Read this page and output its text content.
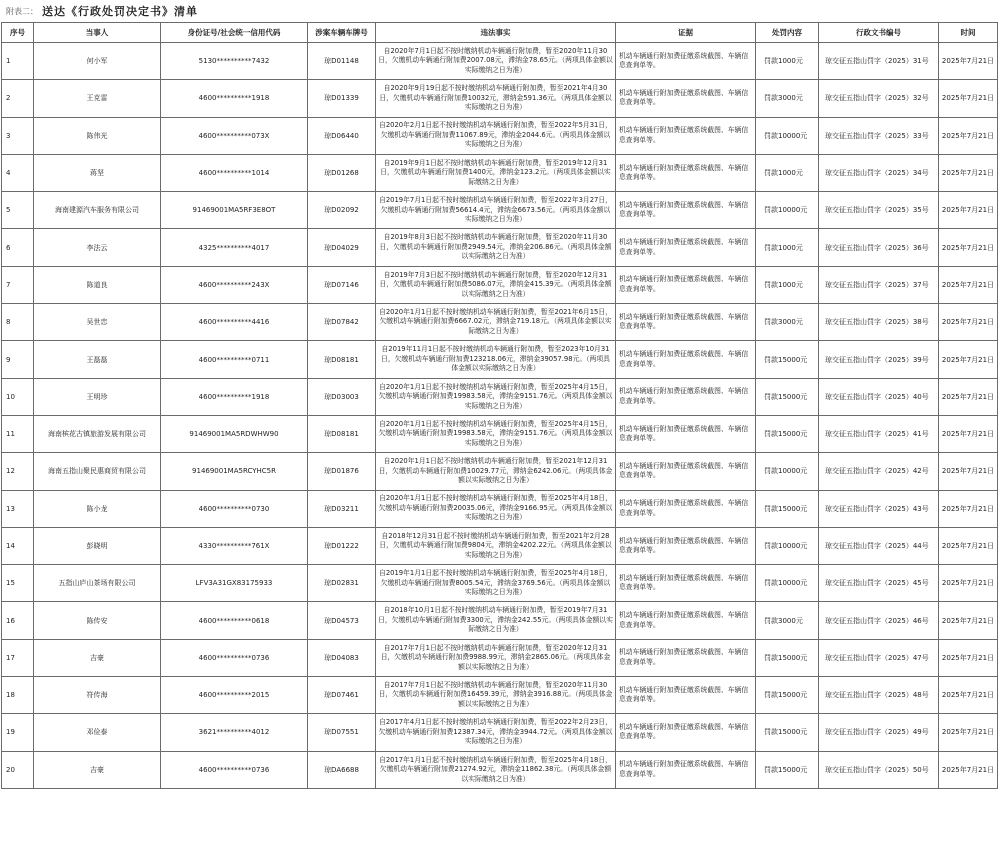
附表二： 送达《行政处罚决定书》清单
序号	当事人	身份证号/社会统一信用代码	涉案车辆车牌号	违法事实	证据	处罚内容	行政文书编号	时间
1	何小军	5130**********7432	琼D01148	自2020年7月1日起不按时缴纳机动车辆通行附加费，暂至2020年11月30日，欠缴机动车辆通行附加费2007.08元，滞纳金78.65元。（两项具体金额以实际缴纳之日为准）	机动车辆通行附加费征缴系统截图、车辆信息查询单等。	罚款1000元	琼交征五指山罚字（2025）31号	2025年7月21日
2	王克雷	4600**********1918	琼D01339	自2020年9月19日起不按时缴纳机动车辆通行附加费，暂至2021年4月30日，欠缴机动车辆通行附加费10032元，滞纳金591.36元。（两项具体金额以实际缴纳之日为准）	机动车辆通行附加费征缴系统截图、车辆信息查询单等。	罚款3000元	琼交征五指山罚字（2025）32号	2025年7月21日
3	陈伟光	4600**********073X	琼D06440	自2020年2月1日起不按时缴纳机动车辆通行附加费，暂至2022年5月31日，欠缴机动车辆通行附加费11067.89元，滞纳金2044.6元。（两项具体金额以实际缴纳之日为准）	机动车辆通行附加费征缴系统截图、车辆信息查询单等。	罚款10000元	琼交征五指山罚字（2025）33号	2025年7月21日
4	蒋坚	4600**********1014	琼D01268	自2019年9月1日起不按时缴纳机动车辆通行附加费，暂至2019年12月31日，欠缴机动车辆通行附加费1400元，滞纳金123.2元。（两项具体金额以实际缴纳之日为准）	机动车辆通行附加费征缴系统截图、车辆信息查询单等。	罚款1000元	琼交征五指山罚字（2025）34号	2025年7月21日
5	海南建源汽车服务有限公司	91469001MA5RF3E8OT	琼D02092	自2019年7月1日起不按时缴纳机动车辆通行附加费，暂至2022年3月27日，欠缴机动车辆通行附加费56614.4元，滞纳金6673.56元。（两项具体金额以实际缴纳之日为准）	机动车辆通行附加费征缴系统截图、车辆信息查询单等。	罚款10000元	琼交征五指山罚字（2025）35号	2025年7月21日
6	李法云	4325**********4017	琼D04029	自2019年8月3日起不按时缴纳机动车辆通行附加费，暂至2020年11月30日，欠缴机动车辆通行附加费2949.54元，滞纳金206.86元。（两项具体金额以实际缴纳之日为准）	机动车辆通行附加费征缴系统截图、车辆信息查询单等。	罚款1000元	琼交征五指山罚字（2025）36号	2025年7月21日
7	陈道良	4600**********243X	琼D07146	自2019年7月3日起不按时缴纳机动车辆通行附加费，暂至2020年12月31日，欠缴机动车辆通行附加费5086.07元，滞纳金415.39元。（两项具体金额以实际缴纳之日为准）	机动车辆通行附加费征缴系统截图、车辆信息查询单等。	罚款1000元	琼交征五指山罚字（2025）37号	2025年7月21日
8	吴世忠	4600**********4416	琼D07842	自2020年1月1日起不按时缴纳机动车辆通行附加费，暂至2021年6月15日，欠缴机动车辆通行附加费6667.02元，滞纳金719.18元。（两项具体金额以实际缴纳之日为准）	机动车辆通行附加费征缴系统截图、车辆信息查询单等。	罚款3000元	琼交征五指山罚字（2025）38号	2025年7月21日
9	王磊磊	4600**********0711	琼D08181	自2019年11月1日起不按时缴纳机动车辆通行附加费，暂至2023年10月31日，欠缴机动车辆通行附加费123218.06元，滞纳金39057.98元。（两项具体金额以实际缴纳之日为准）	机动车辆通行附加费征缴系统截图、车辆信息查询单等。	罚款15000元	琼交征五指山罚字（2025）39号	2025年7月21日
10	王明珍	4600**********1918	琼D03003	自2020年1月1日起不按时缴纳机动车辆通行附加费，暂至2025年4月15日，欠缴机动车辆通行附加费19983.58元，滞纳金9151.76元。（两项具体金额以实际缴纳之日为准）	机动车辆通行附加费征缴系统截图、车辆信息查询单等。	罚款15000元	琼交征五指山罚字（2025）40号	2025年7月21日
11	海南槟花古镇旅游发展有限公司	91469001MA5RDWHW90	琼D08181	自2020年1月1日起不按时缴纳机动车辆通行附加费，暂至2025年4月15日，欠缴机动车辆通行附加费19983.58元，滞纳金9151.76元。（两项具体金额以实际缴纳之日为准）	机动车辆通行附加费征缴系统截图、车辆信息查询单等。	罚款15000元	琼交征五指山罚字（2025）41号	2025年7月21日
12	海南五指山聚民惠商贸有限公司	91469001MA5RCYHC5R	琼D01876	自2020年1月1日起不按时缴纳机动车辆通行附加费，暂至2021年12月31日，欠缴机动车辆通行附加费10029.77元，滞纳金6242.06元。（两项具体金额以实际缴纳之日为准）	机动车辆通行附加费征缴系统截图、车辆信息查询单等。	罚款10000元	琼交征五指山罚字（2025）42号	2025年7月21日
13	陈小龙	4600**********0730	琼D03211	自2020年1月1日起不按时缴纳机动车辆通行附加费，暂至2025年4月18日，欠缴机动车辆通行附加费20035.06元，滞纳金9166.95元。（两项具体金额以实际缴纳之日为准）	机动车辆通行附加费征缴系统截图、车辆信息查询单等。	罚款15000元	琼交征五指山罚字（2025）43号	2025年7月21日
14	彭晓明	4330**********761X	琼D01222	自2018年12月31日起不按时缴纳机动车辆通行附加费，暂至2021年2月28日，欠缴机动车辆通行附加费9804元，滞纳金4202.22元。（两项具体金额以实际缴纳之日为准）	机动车辆通行附加费征缴系统截图、车辆信息查询单等。	罚款10000元	琼交征五指山罚字（2025）44号	2025年7月21日
15	五指山庐山茶场有限公司	LFV3A31GX83175933	琼D02831	自2019年1月1日起不按时缴纳机动车辆通行附加费，暂至2025年4月18日，欠缴机动车辆通行附加费8005.54元，滞纳金3769.56元。（两项具体金额以实际缴纳之日为准）	机动车辆通行附加费征缴系统截图、车辆信息查询单等。	罚款10000元	琼交征五指山罚字（2025）45号	2025年7月21日
16	陈传安	4600**********0618	琼D04573	自2018年10月1日起不按时缴纳机动车辆通行附加费，暂至2019年7月31日，欠缴机动车辆通行附加费3300元，滞纳金242.55元。（两项具体金额以实际缴纳之日为准）	机动车辆通行附加费征缴系统截图、车辆信息查询单等。	罚款3000元	琼交征五指山罚字（2025）46号	2025年7月21日
17	吉豪	4600**********0736	琼D04083	自2017年7月1日起不按时缴纳机动车辆通行附加费，暂至2020年12月31日，欠缴机动车辆通行附加费9988.99元，滞纳金2865.06元。（两项具体金额以实际缴纳之日为准）	机动车辆通行附加费征缴系统截图、车辆信息查询单等。	罚款15000元	琼交征五指山罚字（2025）47号	2025年7月21日
18	符传海	4600**********2015	琼D07461	自2017年7月1日起不按时缴纳机动车辆通行附加费，暂至2020年11月30日，欠缴机动车辆通行附加费16459.39元，滞纳金3916.88元。（两项具体金额以实际缴纳之日为准）	机动车辆通行附加费征缴系统截图、车辆信息查询单等。	罚款15000元	琼交征五指山罚字（2025）48号	2025年7月21日
19	邓俭泰	3621**********4012	琼D07551	自2017年4月1日起不按时缴纳机动车辆通行附加费，暂至2022年2月23日，欠缴机动车辆通行附加费12387.34元，滞纳金3944.72元。（两项具体金额以实际缴纳之日为准）	机动车辆通行附加费征缴系统截图、车辆信息查询单等。	罚款15000元	琼交征五指山罚字（2025）49号	2025年7月21日
20	吉豪	4600**********0736	琼DA6688	自2017年1月1日起不按时缴纳机动车辆通行附加费，暂至2025年4月18日，欠缴机动车辆通行附加费21274.92元，滞纳金11862.38元。（两项具体金额以实际缴纳之日为准）	机动车辆通行附加费征缴系统截图、车辆信息查询单等。	罚款15000元	琼交征五指山罚字（2025）50号	2025年7月21日
